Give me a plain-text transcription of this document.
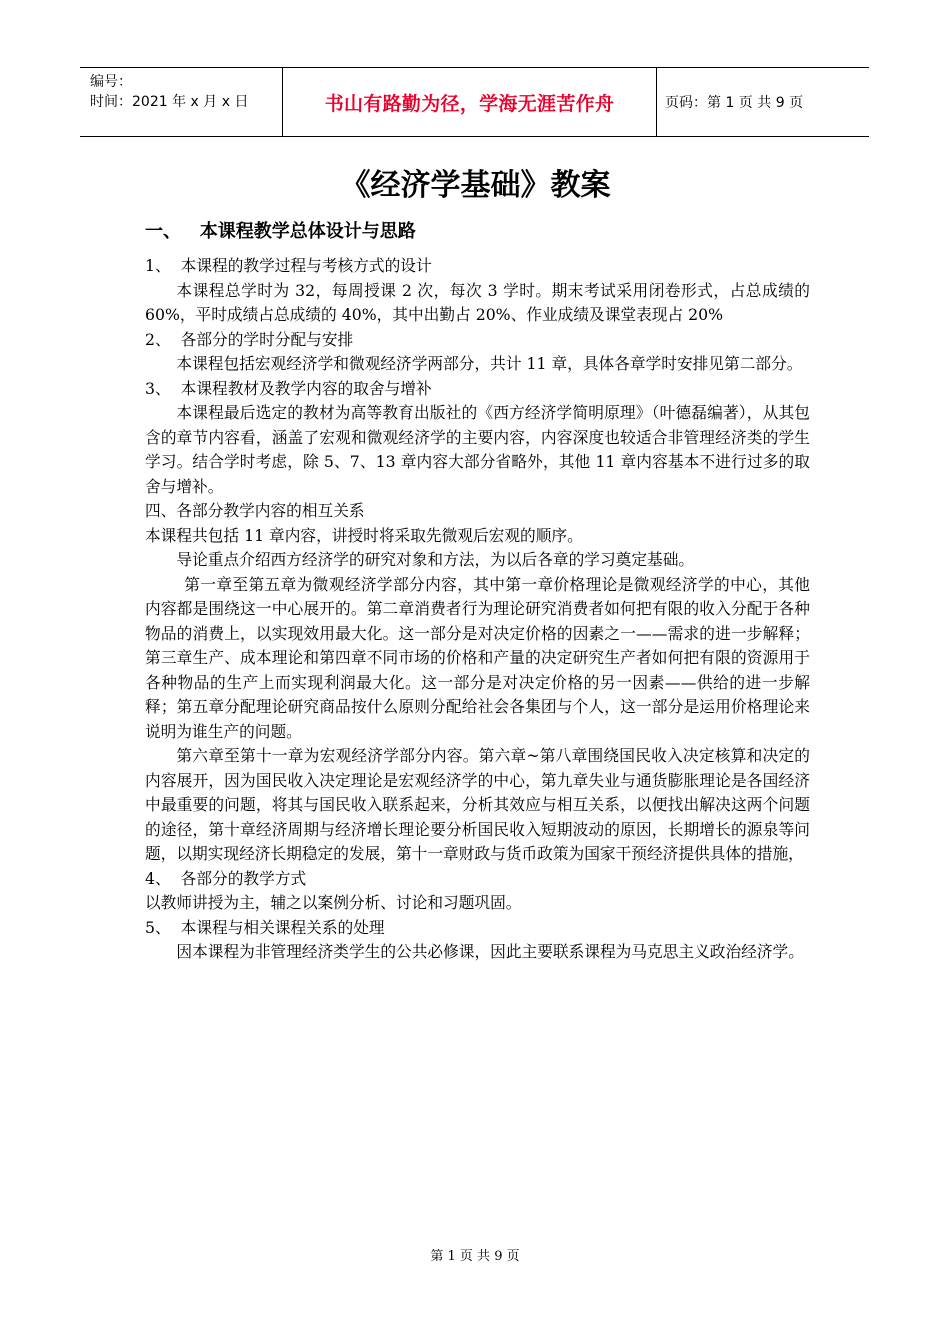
编号：
时间：2021 年 x 月 x 日	书山有路勤为径，学海无涯苦作舟	页码：第 1 页 共 9 页
《经济学基础》教案
一、   本课程教学总体设计与思路
1、  本课程的教学过程与考核方式的设计
本课程总学时为 32，每周授课 2 次，每次 3 学时。期末考试采用闭卷形式，占总成绩的 60%，平时成绩占总成绩的 40%，其中出勤占 20%、作业成绩及课堂表现占 20%
2、  各部分的学时分配与安排
本课程包括宏观经济学和微观经济学两部分，共计 11 章，具体各章学时安排见第二部分。
3、  本课程教材及教学内容的取舍与增补
本课程最后选定的教材为高等教育出版社的《西方经济学简明原理》（叶德磊编著），从其包含的章节内容看，涵盖了宏观和微观经济学的主要内容，内容深度也较适合非管理经济类的学生学习。结合学时考虑，除 5、7、13 章内容大部分省略外，其他 11 章内容基本不进行过多的取舍与增补。
四、各部分教学内容的相互关系
本课程共包括 11 章内容，讲授时将采取先微观后宏观的顺序。
导论重点介绍西方经济学的研究对象和方法，为以后各章的学习奠定基础。
第一章至第五章为微观经济学部分内容，其中第一章价格理论是微观经济学的中心，其他内容都是围绕这一中心展开的。第二章消费者行为理论研究消费者如何把有限的收入分配于各种物品的消费上，以实现效用最大化。这一部分是对决定价格的因素之一——需求的进一步解释；第三章生产、成本理论和第四章不同市场的价格和产量的决定研究生产者如何把有限的资源用于各种物品的生产上而实现利润最大化。这一部分是对决定价格的另一因素——供给的进一步解释；第五章分配理论研究商品按什么原则分配给社会各集团与个人，这一部分是运用价格理论来说明为谁生产的问题。
第六章至第十一章为宏观经济学部分内容。第六章~第八章围绕国民收入决定核算和决定的内容展开，因为国民收入决定理论是宏观经济学的中心，第九章失业与通货膨胀理论是各国经济中最重要的问题，将其与国民收入联系起来，分析其效应与相互关系，以便找出解决这两个问题的途径，第十章经济周期与经济增长理论要分析国民收入短期波动的原因，长期增长的源泉等问题，以期实现经济长期稳定的发展，第十一章财政与货币政策为国家干预经济提供具体的措施，
4、  各部分的教学方式
以教师讲授为主，辅之以案例分析、讨论和习题巩固。
5、  本课程与相关课程关系的处理
因本课程为非管理经济类学生的公共必修课，因此主要联系课程为马克思主义政治经济学。
第 1 页 共 9 页
